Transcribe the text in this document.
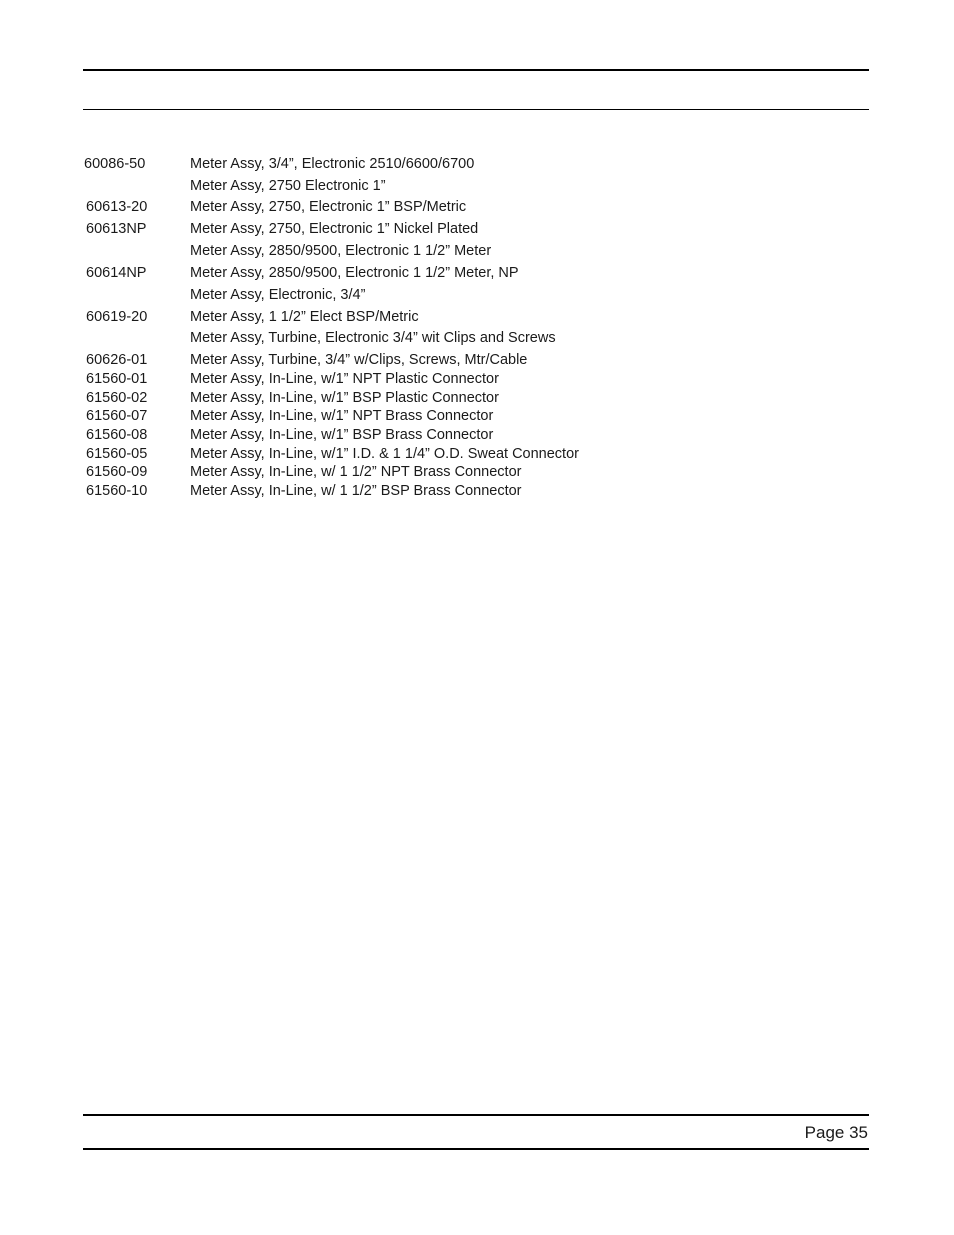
60086-50	Meter Assy, 3/4”, Electronic 2510/6600/6700
Meter Assy, 2750 Electronic 1”
60613-20	Meter Assy, 2750, Electronic 1” BSP/Metric
60613NP	Meter Assy, 2750, Electronic 1” Nickel Plated
Meter Assy, 2850/9500, Electronic 1 1/2” Meter
60614NP	Meter Assy, 2850/9500, Electronic 1 1/2” Meter, NP
Meter Assy, Electronic, 3/4”
60619-20	Meter Assy, 1 1/2” Elect BSP/Metric
Meter Assy, Turbine, Electronic 3/4” wit Clips and Screws
60626-01	Meter Assy, Turbine, 3/4” w/Clips, Screws, Mtr/Cable
61560-01	Meter Assy, In-Line, w/1” NPT Plastic Connector
61560-02	Meter Assy, In-Line, w/1” BSP Plastic Connector
61560-07	Meter Assy, In-Line, w/1” NPT Brass Connector
61560-08	Meter Assy, In-Line, w/1” BSP Brass Connector
61560-05	Meter Assy, In-Line, w/1” I.D. & 1 1/4” O.D. Sweat Connector
61560-09	Meter Assy, In-Line, w/ 1 1/2” NPT Brass Connector
61560-10	Meter Assy, In-Line, w/ 1 1/2” BSP Brass Connector
Page 35
